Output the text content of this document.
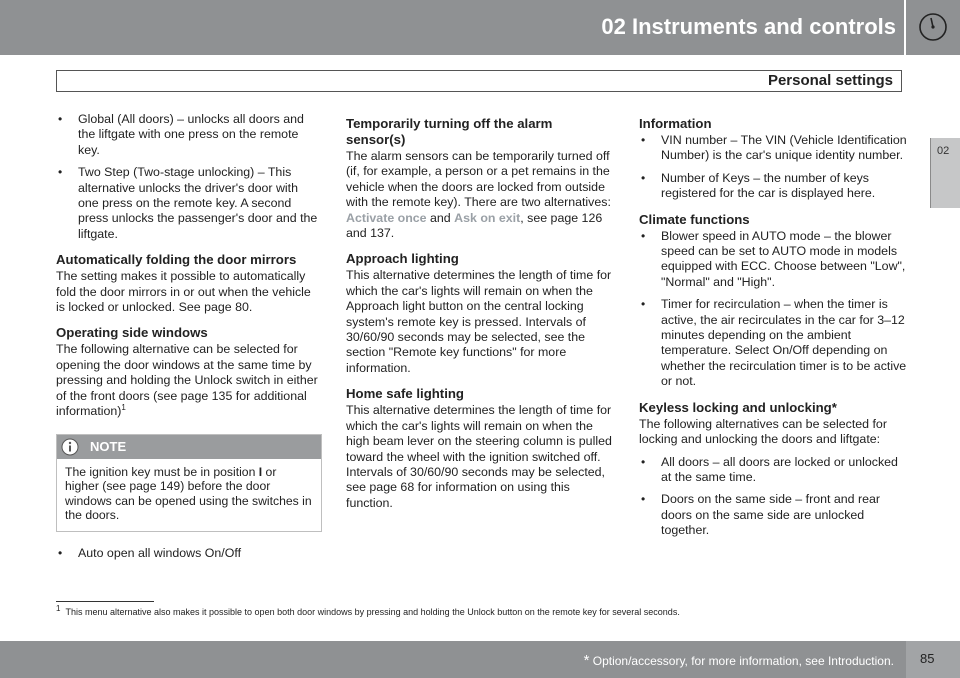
02 Instruments and controls
Personal settings
02
• Global (All doors) – unlocks all doors and the liftgate with one press on the remote key.
• Two Step (Two-stage unlocking) – This alternative unlocks the driver's door with one press on the remote key. A second press unlocks the passenger's door and the liftgate.
Automatically folding the door mirrors

The setting makes it possible to automatically fold the door mirrors in or out when the vehicle is locked or unlocked. See page 80.

Operating side windows

The following alternative can be selected for opening the door windows at the same time by pressing and holding the Unlock switch in either of the front doors (see page 135 for additional information)$^1$

NOTE
The ignition key must be in position I or higher (see page 149) before the door windows can be opened using the switches in the doors.
• Auto open all windows On/Off
Temporarily turning off the alarm sensor(s)

The alarm sensors can be temporarily turned off (if, for example, a person or a pet remains in the vehicle when the doors are locked from outside with the remote key). There are two alternatives: Activate once and Ask on exit, see page 126 and 137.

Approach lighting

This alternative determines the length of time for which the car's lights will remain on when the Approach light button on the central locking system's remote key is pressed. Intervals of 30/60/90 seconds may be selected, see the section "Remote key functions" for more information.

Home safe lighting

This alternative determines the length of time for which the car's lights will remain on when the high beam lever on the steering column is pulled toward the wheel with the ignition switched off. Intervals of 30/60/90 seconds may be selected, see page 68 for information on using this function.

Information
• VIN number – The VIN (Vehicle Identification Number) is the car's unique identity number.
• Number of Keys – the number of keys registered for the car is displayed here.
Climate functions
• Blower speed in AUTO mode – the blower speed can be set to AUTO mode in models equipped with ECC. Choose between "Low", "Normal" and "High".
• Timer for recirculation – when the timer is active, the air recirculates in the car for 3–12 minutes depending on the ambient temperature. Select On/Off depending on whether the recirculation timer is to be active or not.
Keyless locking and unlocking*

The following alternatives can be selected for locking and unlocking the doors and liftgate:

• All doors – all doors are locked or unlocked at the same time.
• Doors on the same side – front and rear doors on the same side are unlocked together.
$^1$ This menu alternative also makes it possible to open both door windows by pressing and holding the Unlock button on the remote key for several seconds.
* Option/accessory, for more information, see Introduction. 85
